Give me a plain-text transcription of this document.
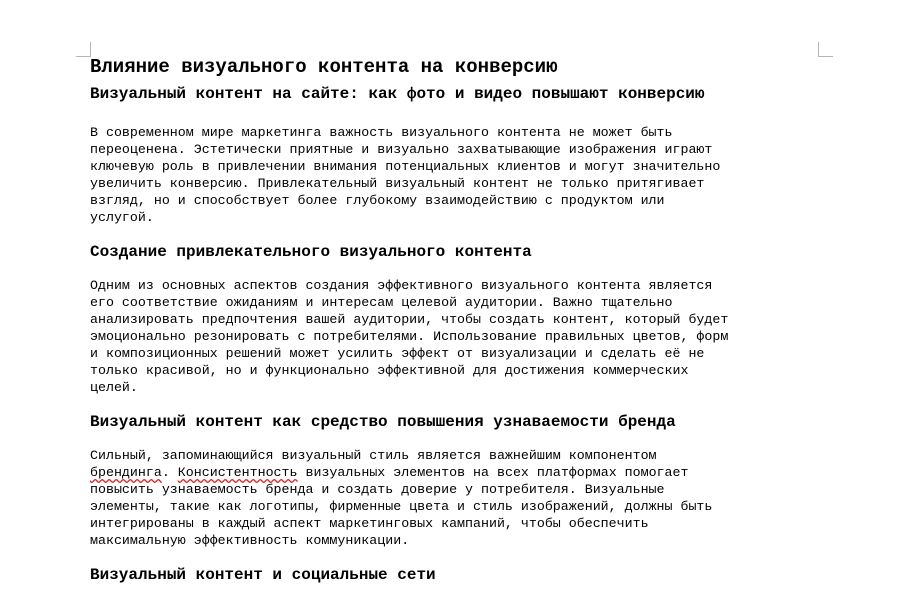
Влияние визуального контента на конверсию
Визуальный контент на сайте: как фото и видео повышают конверсию

В современном мире маркетинга важность визуального контента не может быть
переоценена. Эстетически приятные и визуально захватывающие изображения играют
ключевую роль в привлечении внимания потенциальных клиентов и могут значительно
увеличить конверсию. Привлекательный визуальный контент не только притягивает
взгляд, но и способствует более глубокому взаимодействию с продуктом или
услугой.

Создание привлекательного визуального контента

Одним из основных аспектов создания эффективного визуального контента является
его соответствие ожиданиям и интересам целевой аудитории. Важно тщательно
анализировать предпочтения вашей аудитории, чтобы создать контент, который будет
эмоционально резонировать с потребителями. Использование правильных цветов, форм
и композиционных решений может усилить эффект от визуализации и сделать её не
только красивой, но и функционально эффективной для достижения коммерческих
целей.

Визуальный контент как средство повышения узнаваемости бренда

Сильный, запоминающийся визуальный стиль является важнейшим компонентом
брендинга. Консистентность визуальных элементов на всех платформах помогает
повысить узнаваемость бренда и создать доверие у потребителя. Визуальные
элементы, такие как логотипы, фирменные цвета и стиль изображений, должны быть
интегрированы в каждый аспект маркетинговых кампаний, чтобы обеспечить
максимальную эффективность коммуникации.

Визуальный контент и социальные сети
